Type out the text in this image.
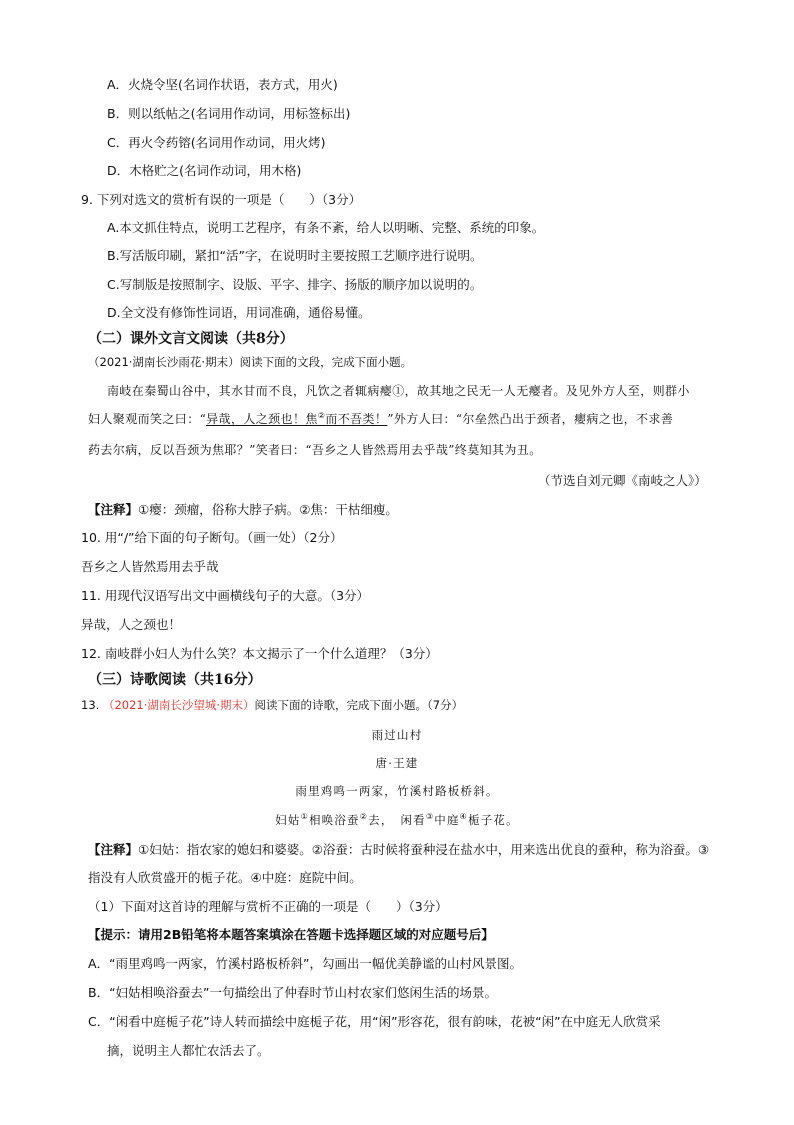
A．火烧令坚(名词作状语，表方式，用火)
B．则以纸帖之(名词用作动词，用标签标出)
C．再火令药镕(名词用作动词，用火烤)
D．木格贮之(名词作动词，用木格)
9. 下列对选文的赏析有误的一项是（　　）（3分）
A.本文抓住特点，说明工艺程序，有条不紊，给人以明晰、完整、系统的印象。
B.写活版印刷，紧扣“活”字，在说明时主要按照工艺顺序进行说明。
C.写制版是按照制字、设版、平字、排字、扬版的顺序加以说明的。
D.全文没有修饰性词语，用词准确，通俗易懂。
（二）课外文言文阅读（共8分）
（2021·湖南长沙雨花·期末）阅读下面的文段，完成下面小题。
南岐在秦蜀山谷中，其水甘而不良，凡饮之者辄病瘿①，故其地之民无一人无瘿者。及见外方人至，则群小
妇人聚观而笑之曰：“异哉，人之颈也！焦②而不吾类！”外方人曰：“尔垒然凸出于颈者，瘿病之也，不求善
药去尔病，反以吾颈为焦耶？”笑者曰：“吾乡之人皆然焉用去乎哉”终莫知其为丑。
（节选自刘元卿《南岐之人》）
【注释】①瘿：颈瘤，俗称大脖子病。②焦：干枯细瘦。
10. 用“/”给下面的句子断句。（画一处）（2分）
吾乡之人皆然焉用去乎哉
11. 用现代汉语写出文中画横线句子的大意。（3分）
异哉，人之颈也！
12. 南岐群小妇人为什么笑？本文揭示了一个什么道理？（3分）
（三）诗歌阅读（共16分）
13. （2021·湖南长沙望城·期末）阅读下面的诗歌，完成下面小题。（7分）
雨过山村
唐·王建
雨里鸡鸣一两家，竹溪村路板桥斜。
妇姑①相唤浴蚕②去，　闲看③中庭④栀子花。
【注释】①妇姑：指农家的媳妇和婆婆。②浴蚕：古时候将蚕种浸在盐水中，用来选出优良的蚕种，称为浴蚕。③
指没有人欣赏盛开的栀子花。④中庭：庭院中间。
（1）下面对这首诗的理解与赏析不正确的一项是（　　）（3分）
【提示：请用2B铅笔将本题答案填涂在答题卡选择题区域的对应题号后】
A．“雨里鸡鸣一两家，竹溪村路板桥斜”，勾画出一幅优美静谧的山村风景图。
B．“妇姑相唤浴蚕去”一句描绘出了仲春时节山村农家们悠闲生活的场景。
C．“闲看中庭栀子花”诗人转而描绘中庭栀子花，用“闲”形容花，很有韵味，花被“闲”在中庭无人欣赏采
摘，说明主人都忙农活去了。
